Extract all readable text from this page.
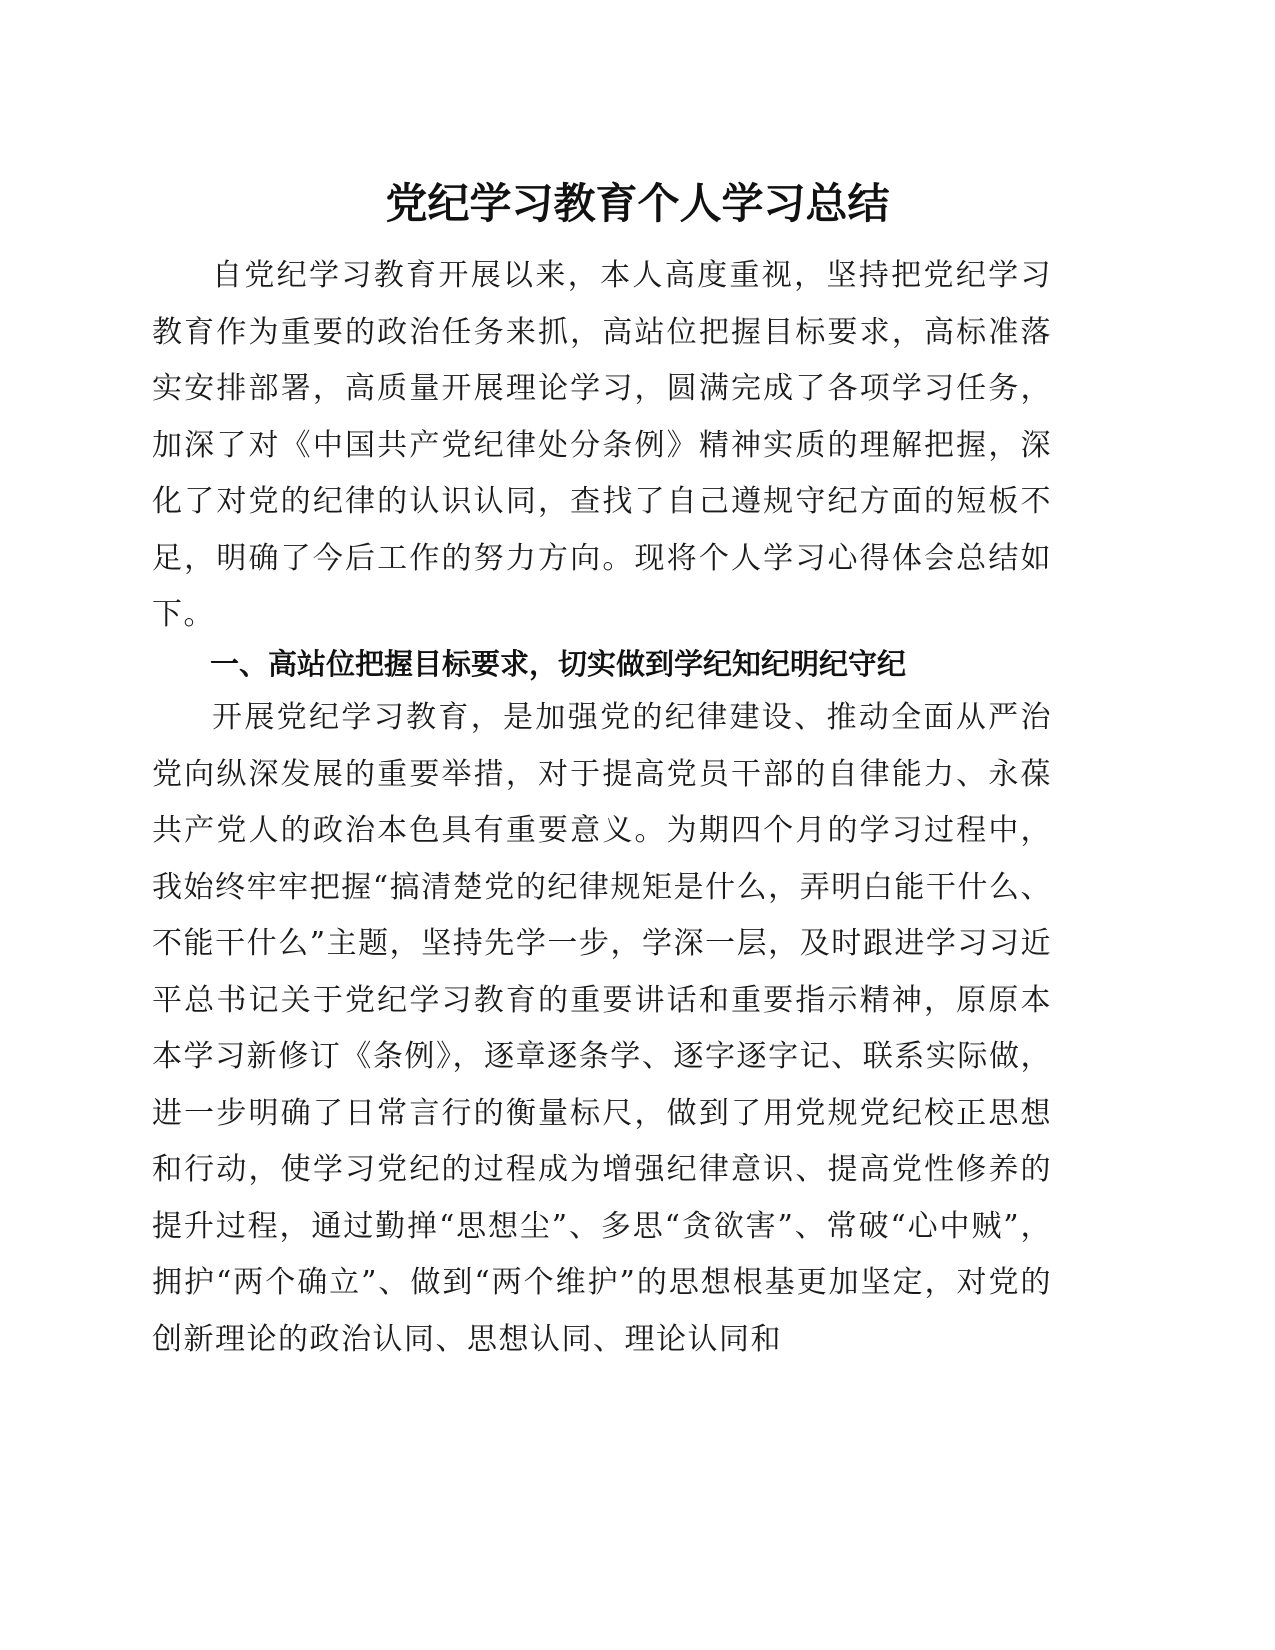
党纪学习教育个人学习总结

自党纪学习教育开展以来，本人高度重视，坚持把党纪学习教育作为重要的政治任务来抓，高站位把握目标要求，高标准落实安排部署，高质量开展理论学习，圆满完成了各项学习任务，加深了对《中国共产党纪律处分条例》精神实质的理解把握，深化了对党的纪律的认识认同，查找了自己遵规守纪方面的短板不足，明确了今后工作的努力方向。现将个人学习心得体会总结如下。

一、高站位把握目标要求，切实做到学纪知纪明纪守纪

开展党纪学习教育，是加强党的纪律建设、推动全面从严治党向纵深发展的重要举措，对于提高党员干部的自律能力、永葆共产党人的政治本色具有重要意义。为期四个月的学习过程中，我始终牢牢把握“搞清楚党的纪律规矩是什么，弄明白能干什么、不能干什么”主题，坚持先学一步，学深一层，及时跟进学习习近平总书记关于党纪学习教育的重要讲话和重要指示精神，原原本本学习新修订《条例》，逐章逐条学、逐字逐字记、联系实际做，进一步明确了日常言行的衡量标尺，做到了用党规党纪校正思想和行动，使学习党纪的过程成为增强纪律意识、提高党性修养的提升过程，通过勤掸“思想尘”、多思“贪欲害”、常破“心中贼”，拥护“两个确立”、做到“两个维护”的思想根基更加坚定，对党的创新理论的政治认同、思想认同、理论认同和
